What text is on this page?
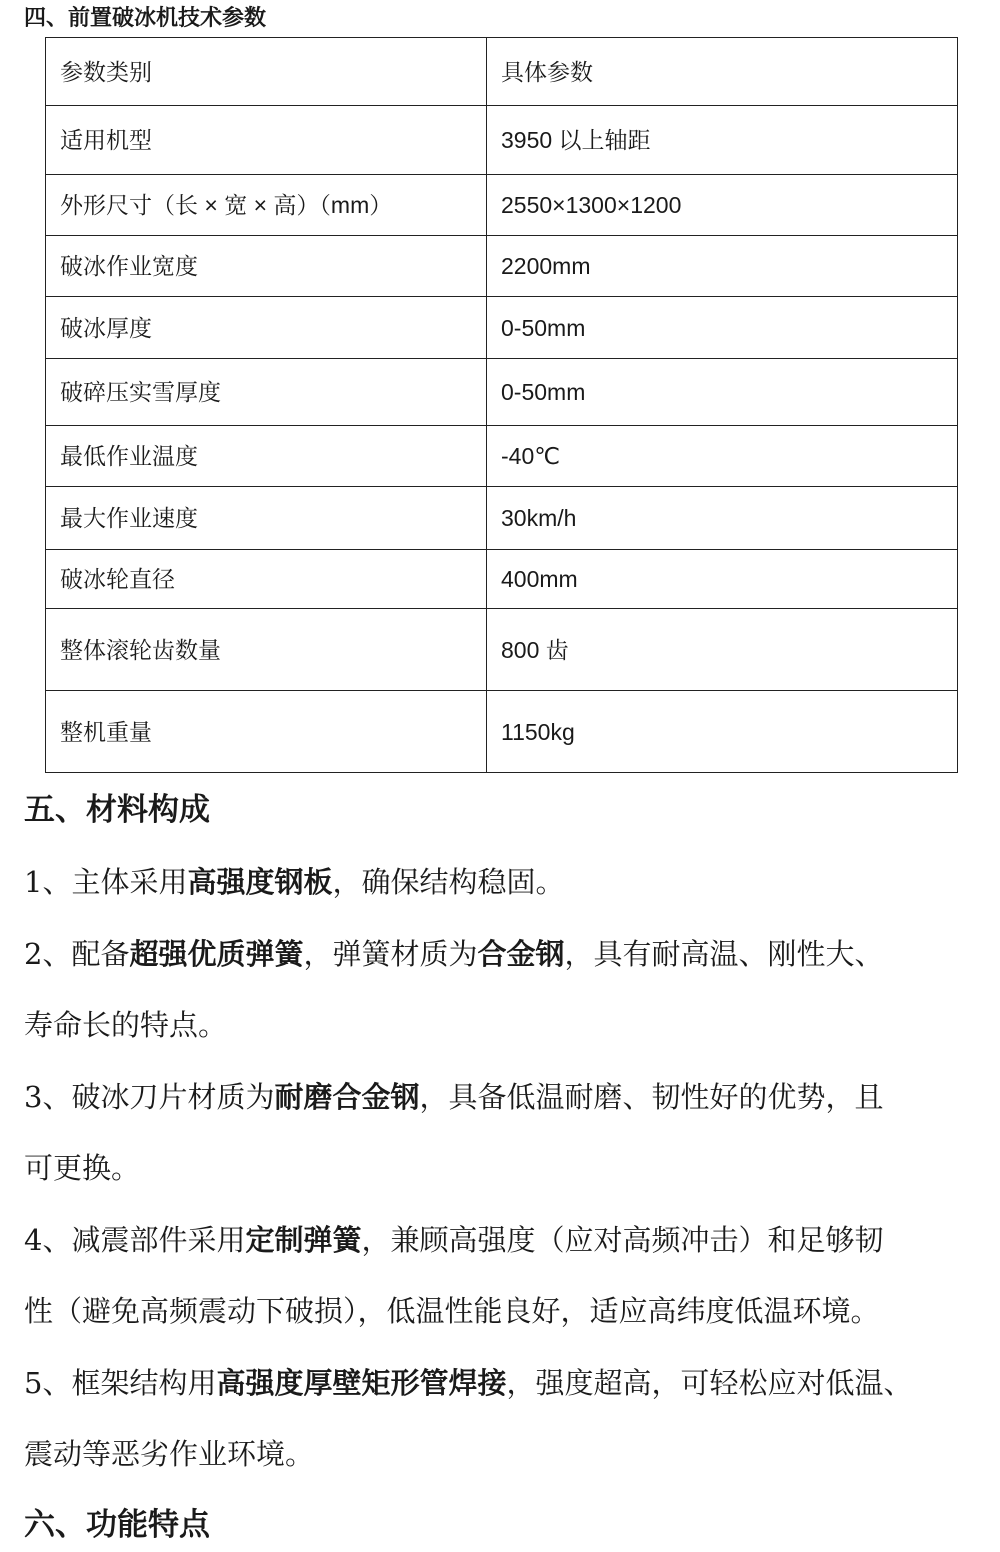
四、前置破冰机技术参数
参数类别	具体参数
适用机型	3950 以上轴距
外形尺寸（长 × 宽 × 高）（mm）	2550×1300×1200
破冰作业宽度	2200mm
破冰厚度	0-50mm
破碎压实雪厚度	0-50mm
最低作业温度	-40℃
最大作业速度	30km/h
破冰轮直径	400mm
整体滚轮齿数量	800 齿
整机重量	1150kg
五、材料构成

1、主体采用高强度钢板，确保结构稳固。

2、配备超强优质弹簧，弹簧材质为合金钢，具有耐高温、刚性大、

寿命长的特点。

3、破冰刀片材质为耐磨合金钢，具备低温耐磨、韧性好的优势，且

可更换。

4、减震部件采用定制弹簧，兼顾高强度（应对高频冲击）和足够韧

性（避免高频震动下破损），低温性能良好，适应高纬度低温环境。

5、框架结构用高强度厚壁矩形管焊接，强度超高，可轻松应对低温、

震动等恶劣作业环境。

六、功能特点
